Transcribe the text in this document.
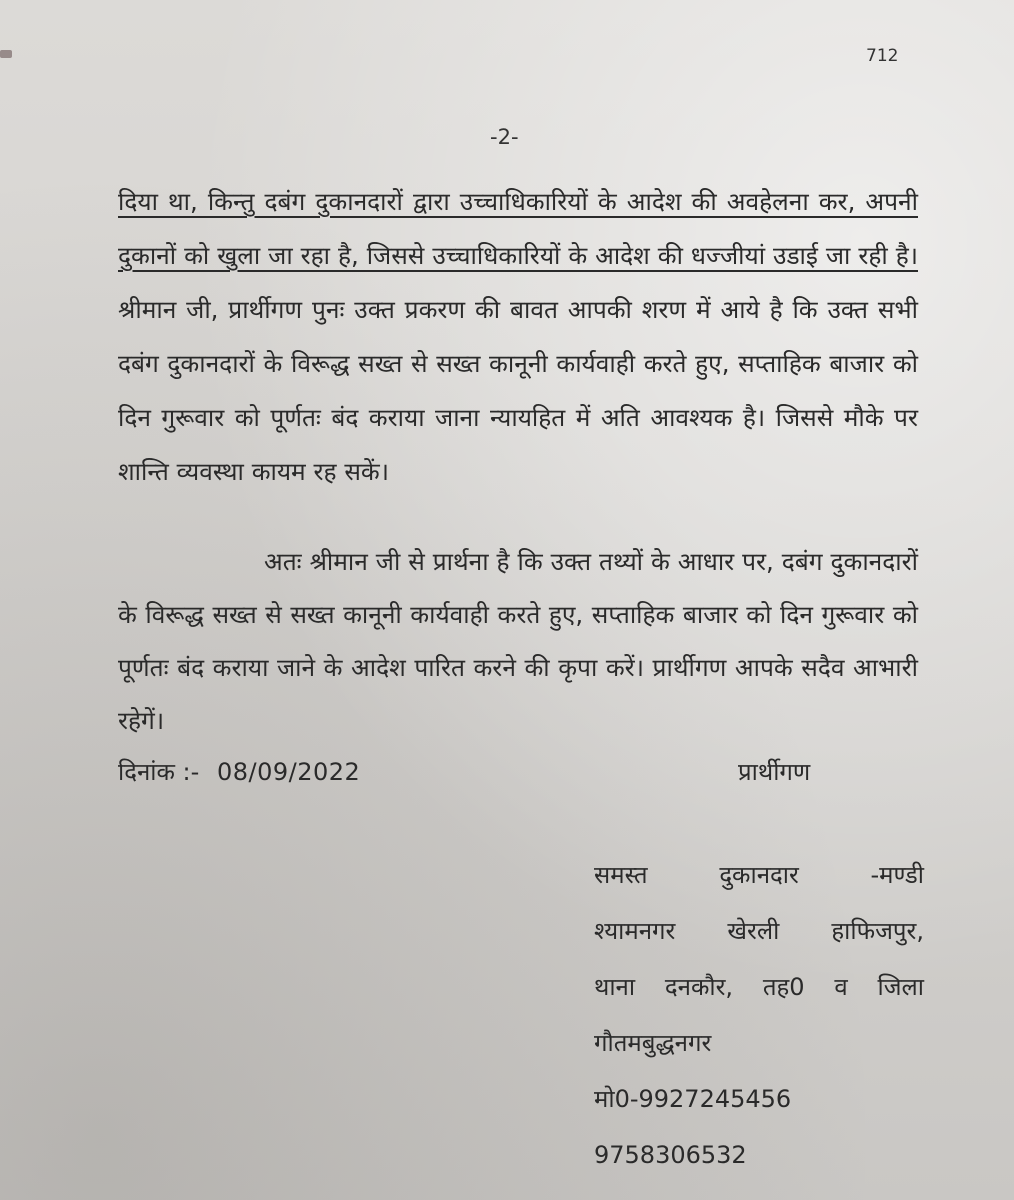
712
-2-

दिया था, किन्तु दबंग दुकानदारों द्वारा उच्चाधिकारियों के आदेश की अवहेलना कर, अपनी दुकानों को खुला जा रहा है, जिससे उच्चाधिकारियों के आदेश की धज्जीयां उडाई जा रही है। श्रीमान जी, प्रार्थीगण पुनः उक्त प्रकरण की बावत आपकी शरण में आये है कि उक्त सभी दबंग दुकानदारों के विरूद्ध सख्त से सख्त कानूनी कार्यवाही करते हुए, सप्ताहिक बाजार को दिन गुरूवार को पूर्णतः बंद कराया जाना न्यायहित में अति आवश्यक है। जिससे मौके पर शान्ति व्यवस्था कायम रह सकें।

अतः श्रीमान जी से प्रार्थना है कि उक्त तथ्यों के आधार पर, दबंग दुकानदारों के विरूद्ध सख्त से सख्त कानूनी कार्यवाही करते हुए, सप्ताहिक बाजार को दिन गुरूवार को पूर्णतः बंद कराया जाने के आदेश पारित करने की कृपा करें। प्रार्थीगण आपके सदैव आभारी रहेगें।

दिनांक :- 08/09/2022	प्रार्थीगण
समस्त दुकानदार -मण्डी
श्यामनगर खेरली हाफिजपुर,
थाना दनकौर, तह0 व जिला
गौतमबुद्धनगर
मो0-9927245456
9758306532
